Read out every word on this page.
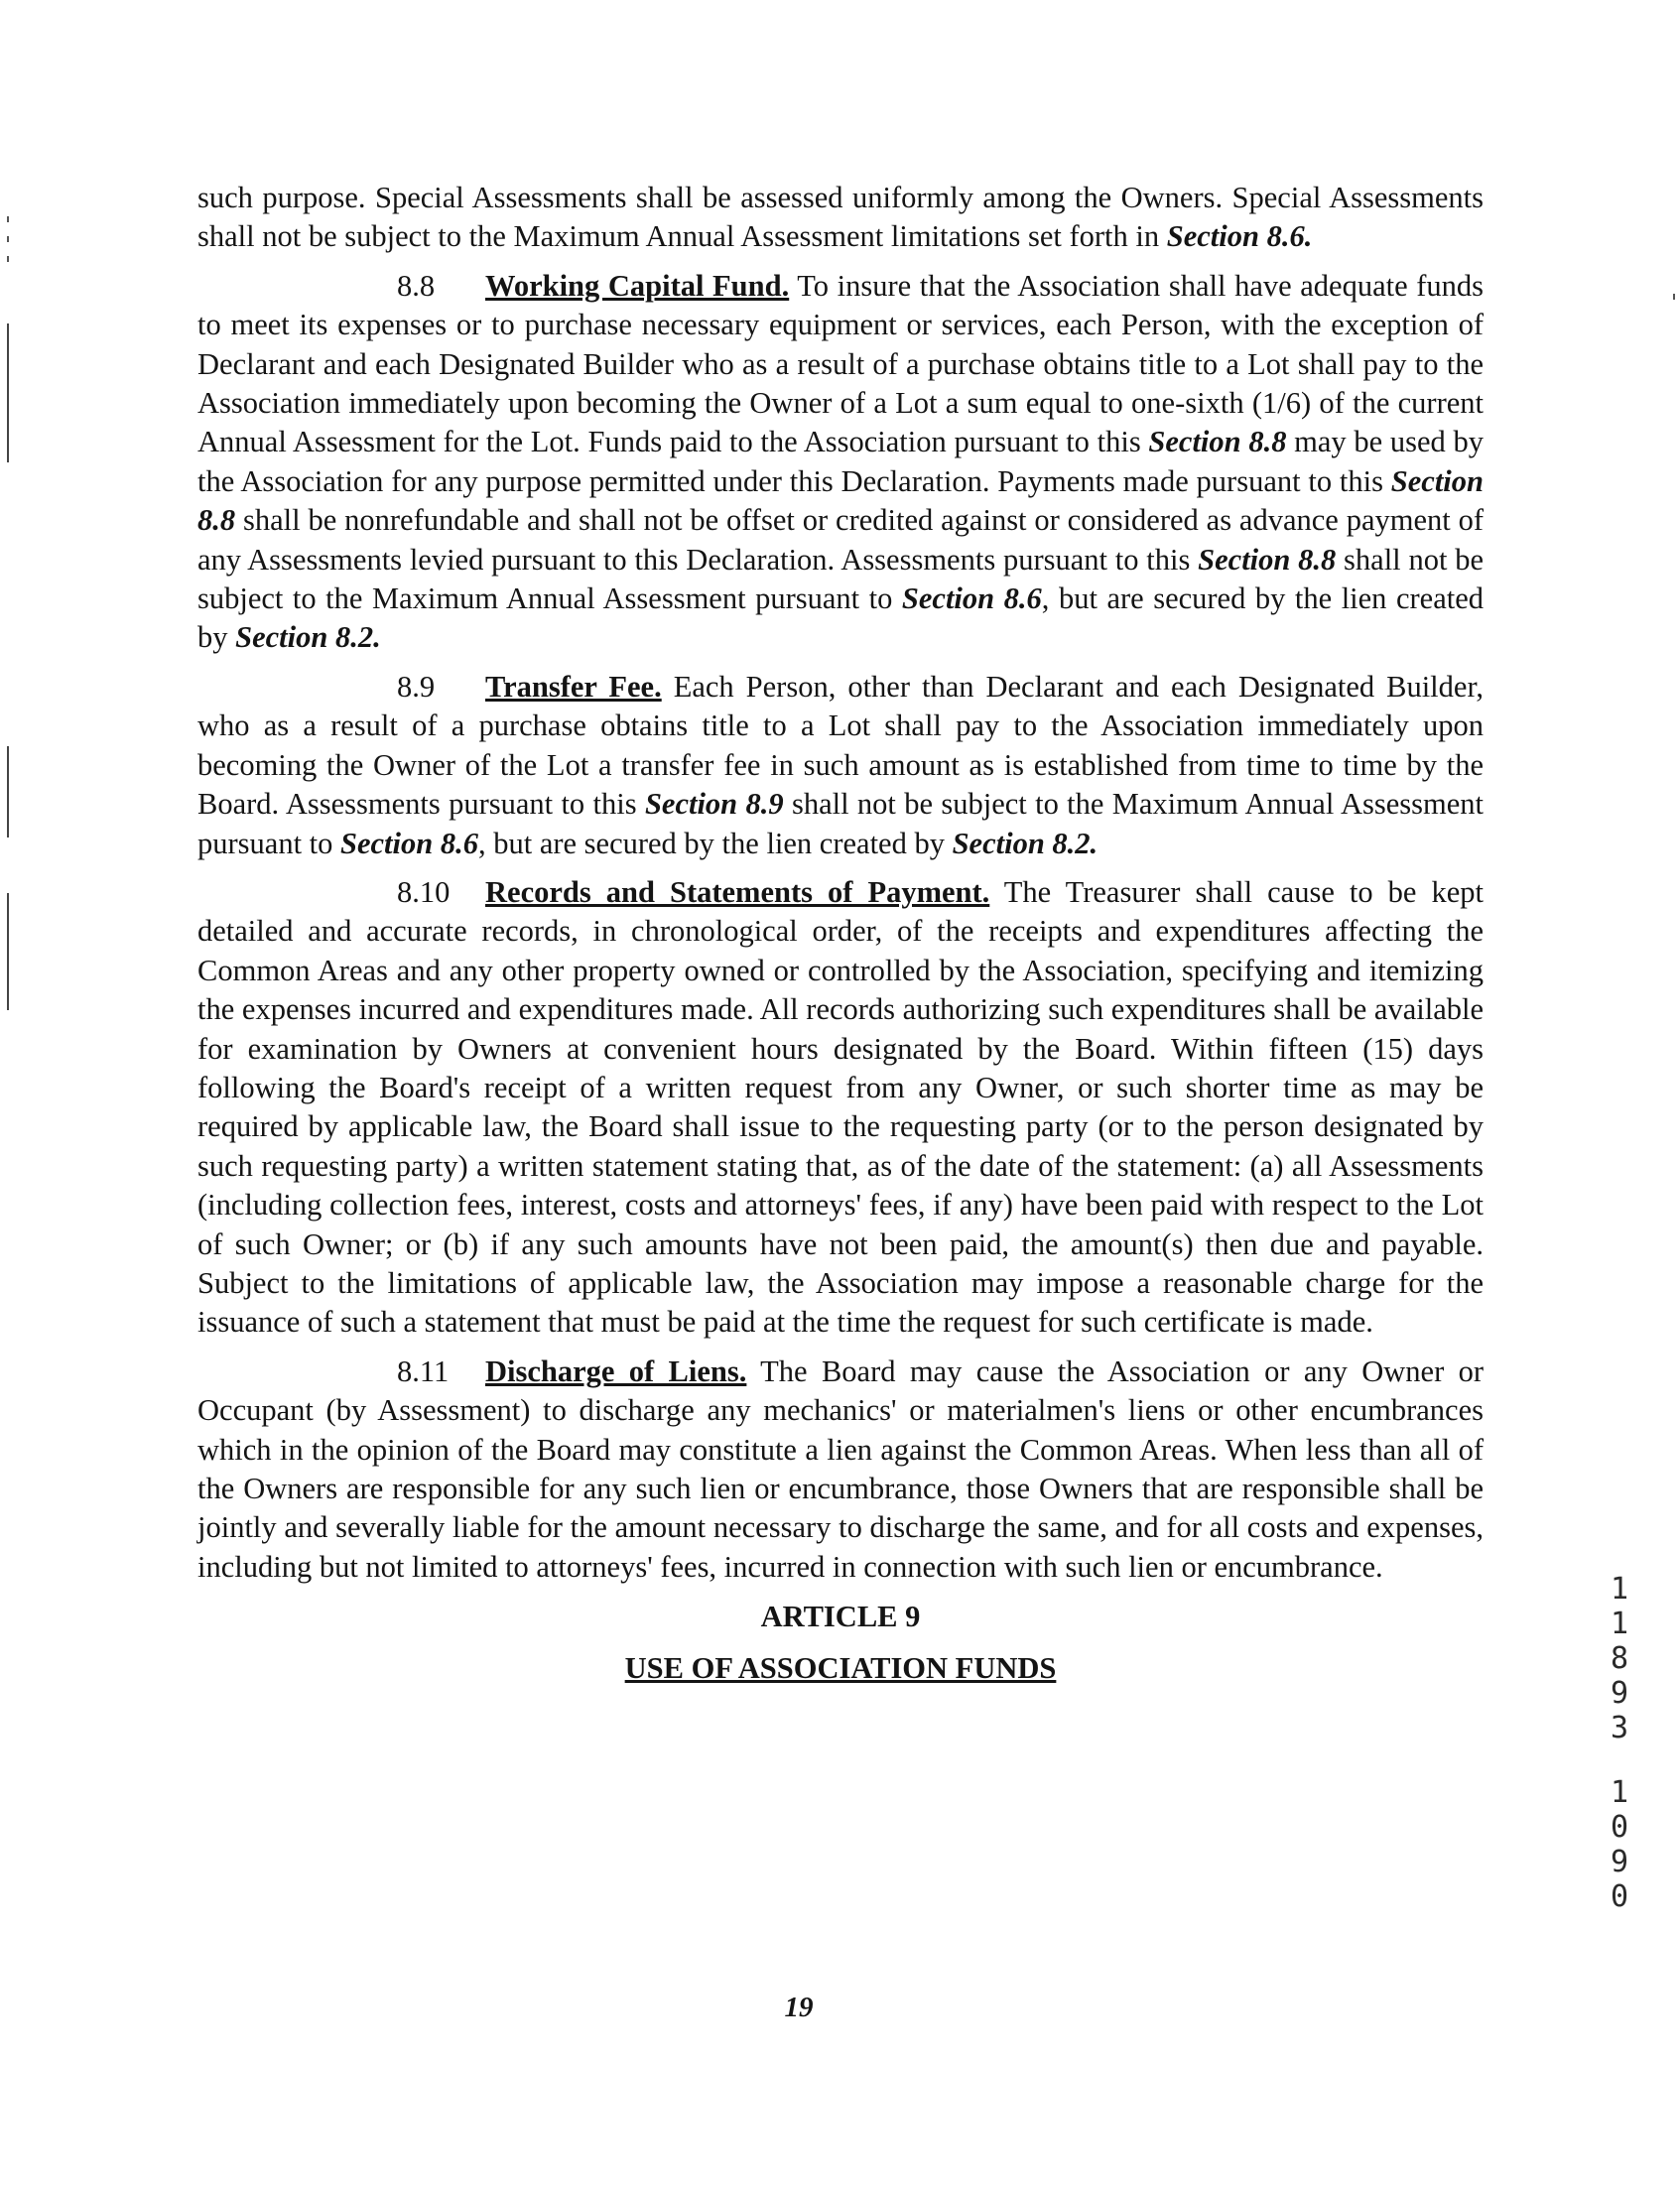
such purpose. Special Assessments shall be assessed uniformly among the Owners. Special Assessments shall not be subject to the Maximum Annual Assessment limitations set forth in Section 8.6.

8.8 Working Capital Fund. To insure that the Association shall have adequate funds to meet its expenses or to purchase necessary equipment or services, each Person, with the exception of Declarant and each Designated Builder who as a result of a purchase obtains title to a Lot shall pay to the Association immediately upon becoming the Owner of a Lot a sum equal to one-sixth (1/6) of the current Annual Assessment for the Lot. Funds paid to the Association pursuant to this Section 8.8 may be used by the Association for any purpose permitted under this Declaration. Payments made pursuant to this Section 8.8 shall be nonrefundable and shall not be offset or credited against or considered as advance payment of any Assessments levied pursuant to this Declaration. Assessments pursuant to this Section 8.8 shall not be subject to the Maximum Annual Assessment pursuant to Section 8.6, but are secured by the lien created by Section 8.2.

8.9 Transfer Fee. Each Person, other than Declarant and each Designated Builder, who as a result of a purchase obtains title to a Lot shall pay to the Association immediately upon becoming the Owner of the Lot a transfer fee in such amount as is established from time to time by the Board. Assessments pursuant to this Section 8.9 shall not be subject to the Maximum Annual Assessment pursuant to Section 8.6, but are secured by the lien created by Section 8.2.

8.10 Records and Statements of Payment. The Treasurer shall cause to be kept detailed and accurate records, in chronological order, of the receipts and expenditures affecting the Common Areas and any other property owned or controlled by the Association, specifying and itemizing the expenses incurred and expenditures made. All records authorizing such expenditures shall be available for examination by Owners at convenient hours designated by the Board. Within fifteen (15) days following the Board's receipt of a written request from any Owner, or such shorter time as may be required by applicable law, the Board shall issue to the requesting party (or to the person designated by such requesting party) a written statement stating that, as of the date of the statement: (a) all Assessments (including collection fees, interest, costs and attorneys' fees, if any) have been paid with respect to the Lot of such Owner; or (b) if any such amounts have not been paid, the amount(s) then due and payable. Subject to the limitations of applicable law, the Association may impose a reasonable charge for the issuance of such a statement that must be paid at the time the request for such certificate is made.

8.11 Discharge of Liens. The Board may cause the Association or any Owner or Occupant (by Assessment) to discharge any mechanics' or materialmen's liens or other encumbrances which in the opinion of the Board may constitute a lien against the Common Areas. When less than all of the Owners are responsible for any such lien or encumbrance, those Owners that are responsible shall be jointly and severally liable for the amount necessary to discharge the same, and for all costs and expenses, including but not limited to attorneys' fees, incurred in connection with such lien or encumbrance.

ARTICLE 9
USE OF ASSOCIATION FUNDS
19
1
1
8
9
3
1
0
9
0
